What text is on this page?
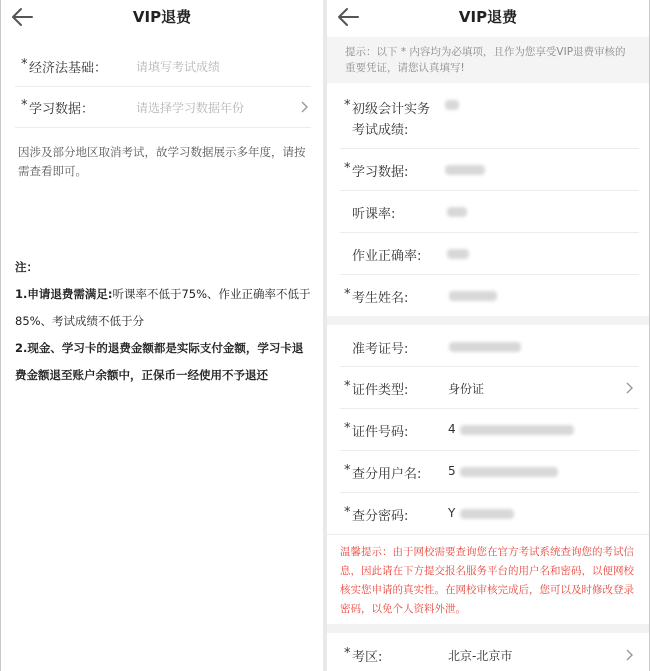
VIP退费
* 经济法基础： 请填写考试成绩
* 学习数据：	请选择学习数据年份
因涉及部分地区取消考试，故学习数据展示多年度，请按需查看即可。
注：
1.申请退费需满足:听课率不低于75%、作业正确率不低于85%、考试成绩不低于分
2.现金、学习卡的退费金额都是实际支付金额，学习卡退费金额退至账户余额中，正保币一经使用不予退还
VIP退费
提示：以下 * 内容均为必填项，且作为您享受VIP退费审核的重要凭证，请您认真填写!
* 初级会计实务
考试成绩:
* 学习数据:
听课率:
作业正确率:
* 考生姓名:
准考证号:
* 证件类型:	身份证
* 证件号码:	4
* 查分用户名: 5
* 查分密码:	Y
温馨提示：由于网校需要查询您在官方考试系统查询您的考试信息，因此请在下方提交报名服务平台的用户名和密码，以便网校核实您申请的真实性。在网校审核完成后，您可以及时修改登录密码，以免个人资料外泄。
* 考区:	北京-北京市
